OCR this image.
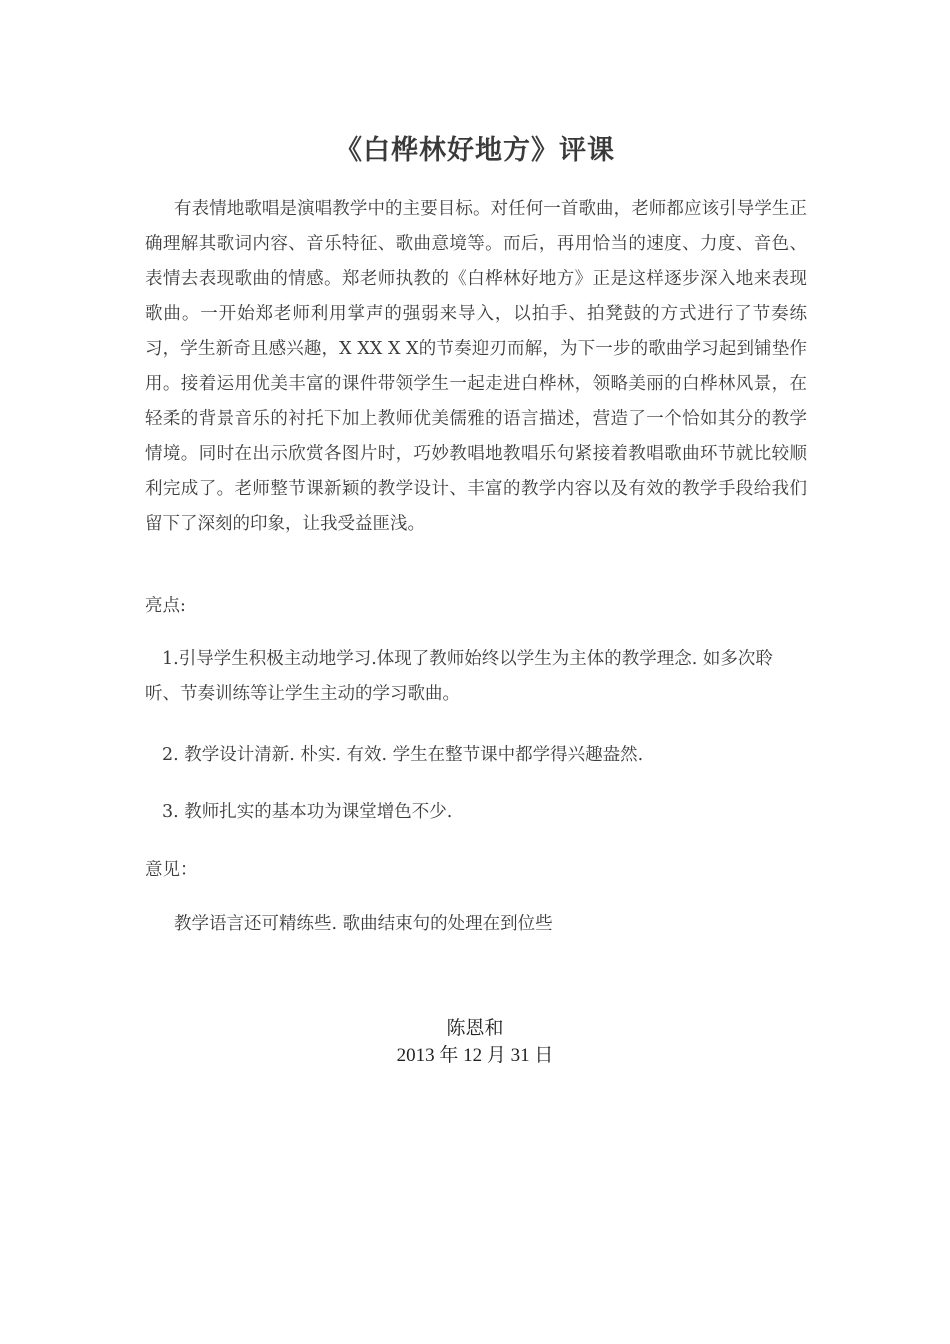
《白桦林好地方》评课

有表情地歌唱是演唱教学中的主要目标。对任何一首歌曲，老师都应该引导学生正确理解其歌词内容、音乐特征、歌曲意境等。而后，再用恰当的速度、力度、音色、表情去表现歌曲的情感。郑老师执教的《白桦林好地方》正是这样逐步深入地来表现歌曲。一开始郑老师利用掌声的强弱来导入，以拍手、拍凳鼓的方式进行了节奏练习，学生新奇且感兴趣，X XX X X的节奏迎刃而解，为下一步的歌曲学习起到铺垫作用。接着运用优美丰富的课件带领学生一起走进白桦林，领略美丽的白桦林风景，在轻柔的背景音乐的衬托下加上教师优美儒雅的语言描述，营造了一个恰如其分的教学情境。同时在出示欣赏各图片时，巧妙教唱地教唱乐句紧接着教唱歌曲环节就比较顺利完成了。老师整节课新颖的教学设计、丰富的教学内容以及有效的教学手段给我们留下了深刻的印象，让我受益匪浅。

亮点:

1.引导学生积极主动地学习.体现了教师始终以学生为主体的教学理念. 如多次聆听、节奏训练等让学生主动的学习歌曲。

2. 教学设计清新. 朴实. 有效. 学生在整节课中都学得兴趣盎然.

3. 教师扎实的基本功为课堂增色不少.

意见：

教学语言还可精练些. 歌曲结束句的处理在到位些

陈恩和
2013 年 12 月 31 日
